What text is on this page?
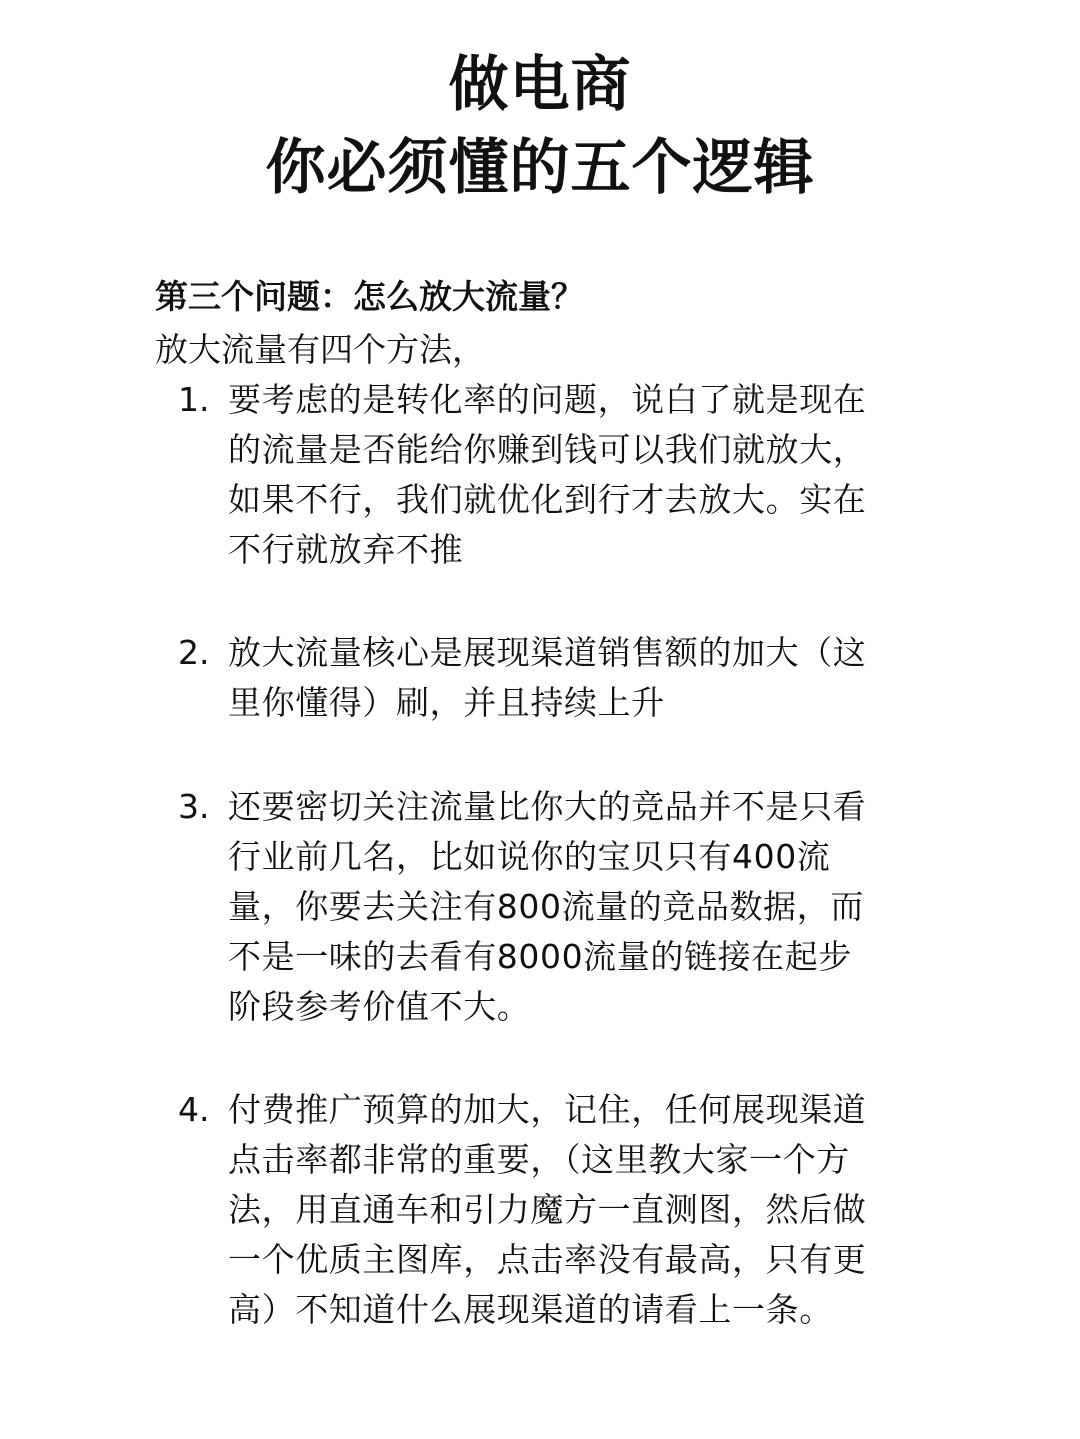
做电商
你必须懂的五个逻辑
第三个问题：怎么放大流量？
放大流量有四个方法，
1. 要考虑的是转化率的问题，说白了就是现在
的流量是否能给你赚到钱可以我们就放大，
如果不行，我们就优化到行才去放大。实在
不行就放弃不推
2. 放大流量核心是展现渠道销售额的加大（这
里你懂得）刷，并且持续上升
3. 还要密切关注流量比你大的竞品并不是只看
行业前几名，比如说你的宝贝只有400流
量，你要去关注有800流量的竞品数据，而
不是一味的去看有8000流量的链接在起步
阶段参考价值不大。
4. 付费推广预算的加大，记住，任何展现渠道
点击率都非常的重要，（这里教大家一个方
法，用直通车和引力魔方一直测图，然后做
一个优质主图库，点击率没有最高，只有更
高）不知道什么展现渠道的请看上一条。
